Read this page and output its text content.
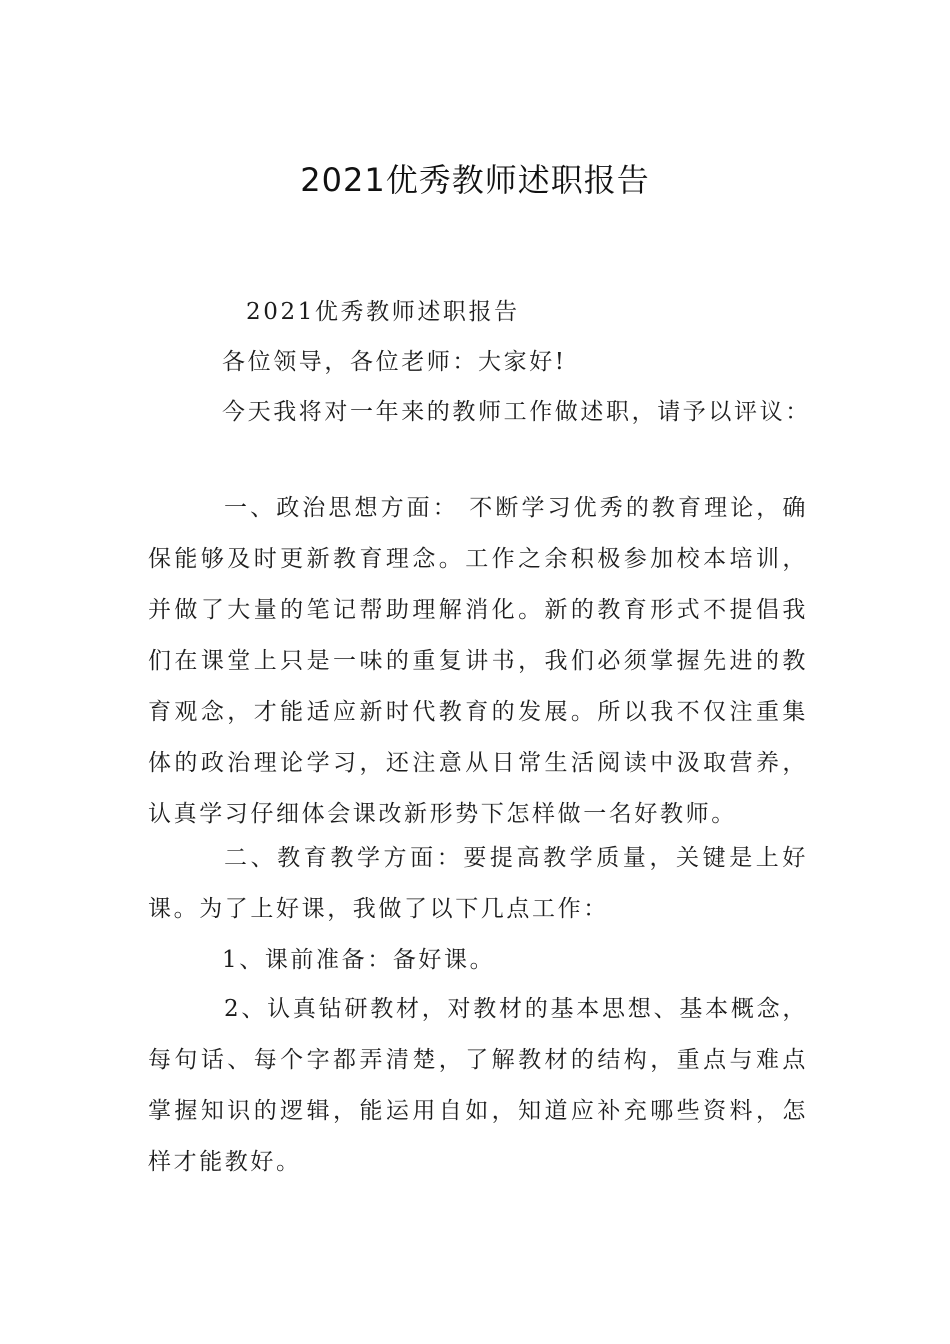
2021优秀教师述职报告
2021优秀教师述职报告
各位领导，各位老师：大家好!
今天我将对一年来的教师工作做述职，请予以评议：
一、政治思想方面： 不断学习优秀的教育理论，确保能够及时更新教育理念。工作之余积极参加校本培训，并做了大量的笔记帮助理解消化。新的教育形式不提倡我们在课堂上只是一味的重复讲书，我们必须掌握先进的教育观念，才能适应新时代教育的发展。所以我不仅注重集体的政治理论学习，还注意从日常生活阅读中汲取营养，认真学习仔细体会课改新形势下怎样做一名好教师。
二、教育教学方面：要提高教学质量，关键是上好课。为了上好课，我做了以下几点工作：
1、课前准备：备好课。
2、认真钻研教材，对教材的基本思想、基本概念，每句话、每个字都弄清楚，了解教材的结构，重点与难点掌握知识的逻辑，能运用自如，知道应补充哪些资料，怎样才能教好。
